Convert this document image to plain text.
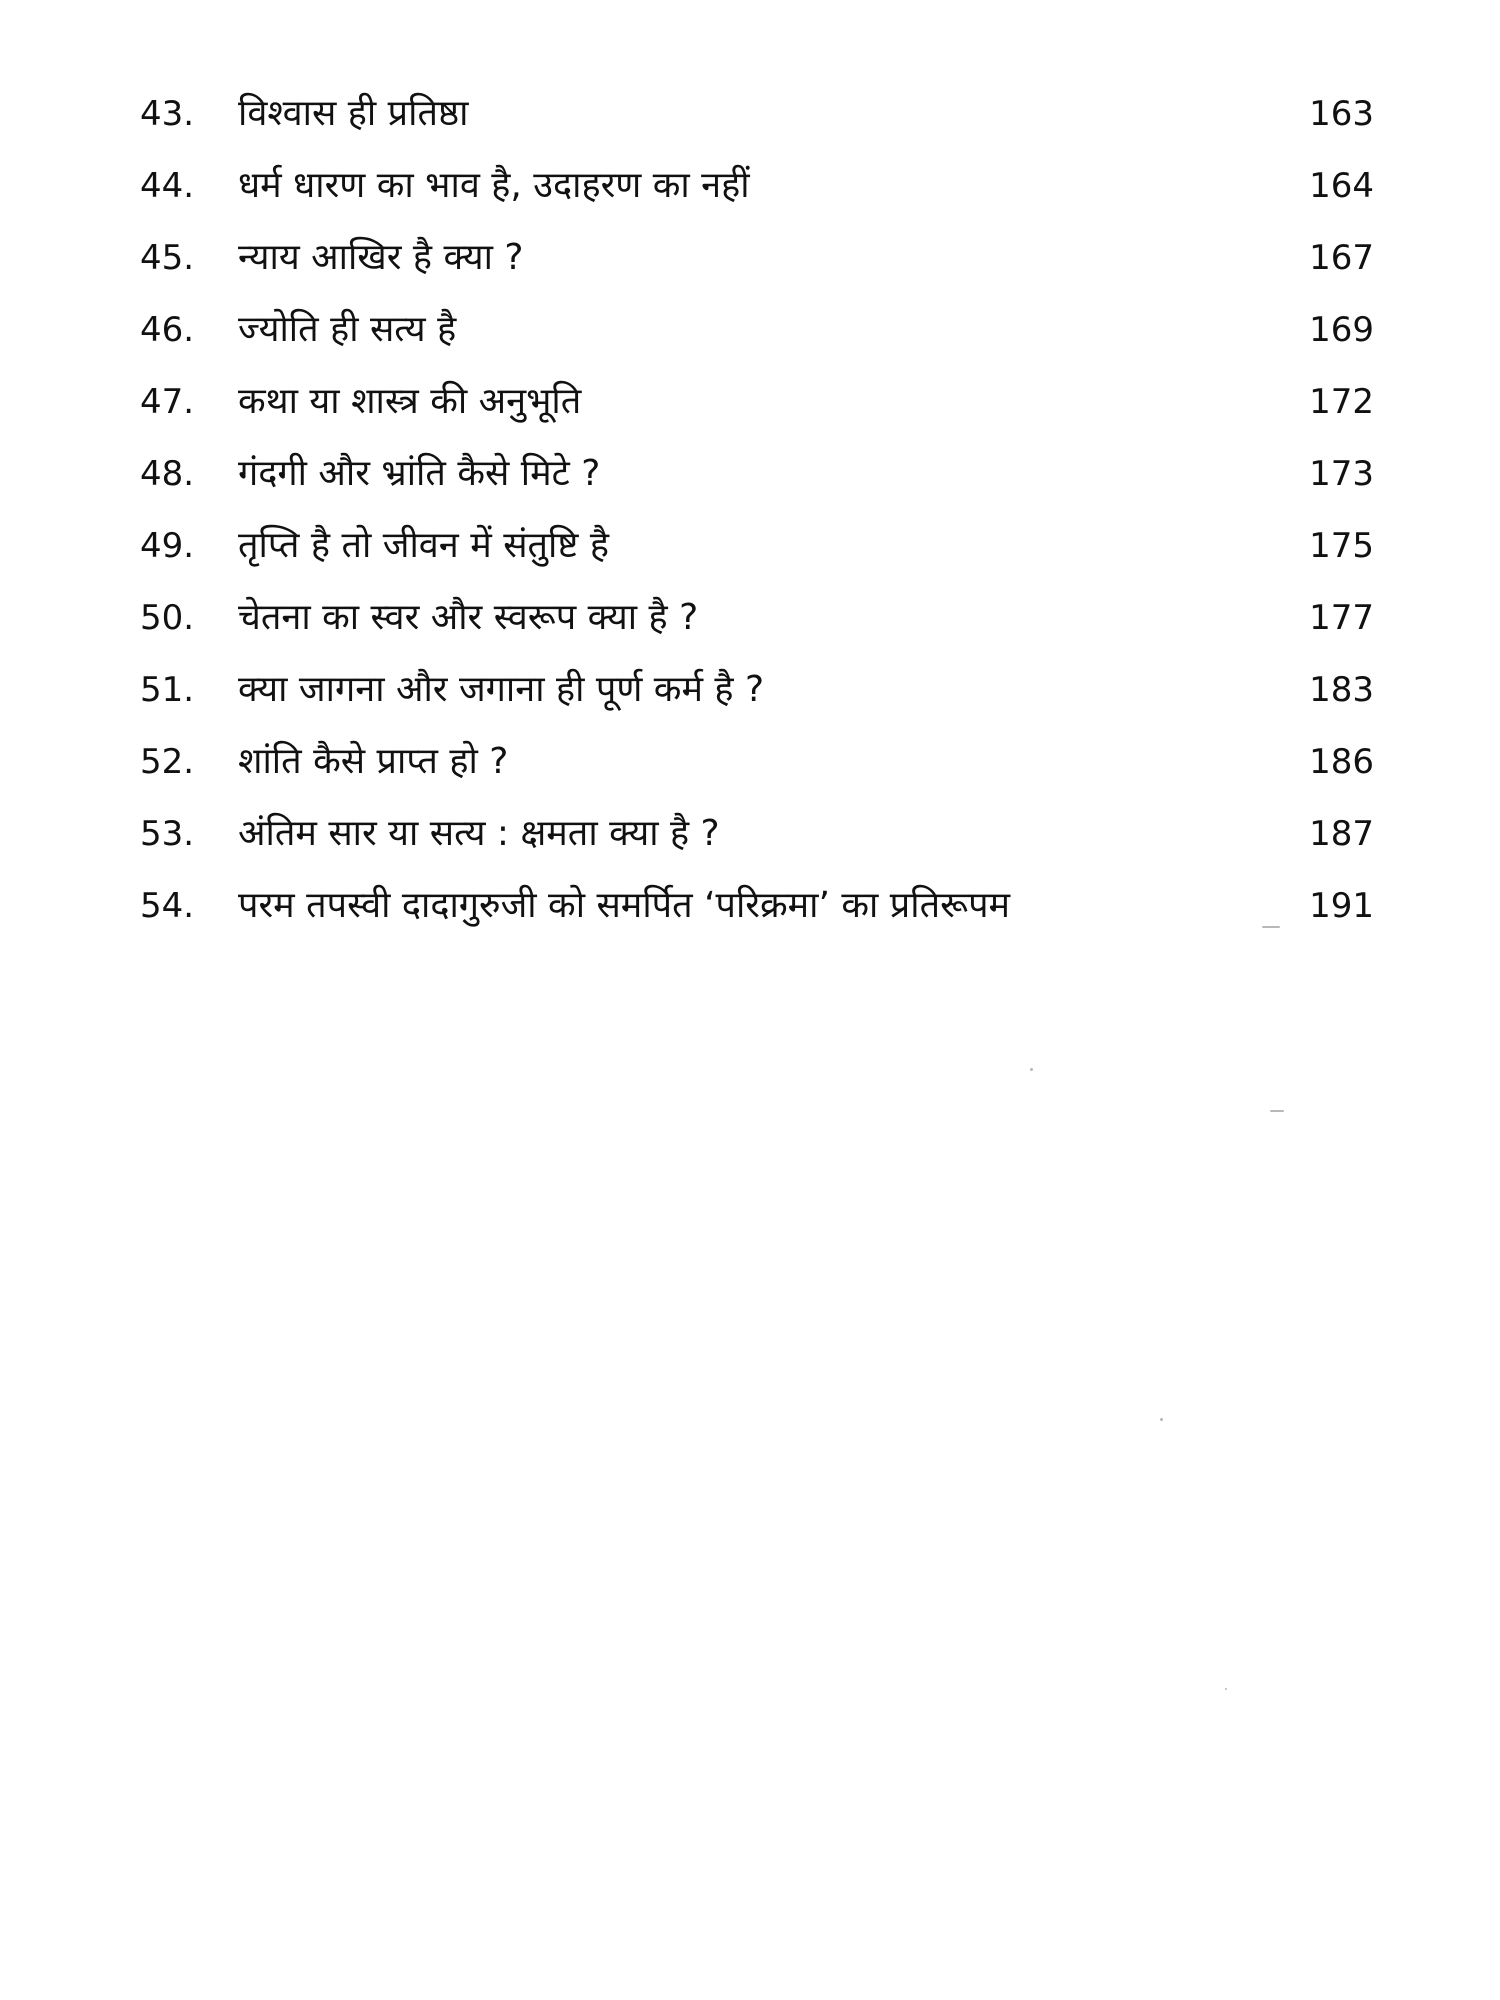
43. विश्वास ही प्रतिष्ठा	163
44. धर्म धारण का भाव है, उदाहरण का नहीं	164
45. न्याय आखिर है क्या ?	167
46. ज्योति ही सत्य है	169
47. कथा या शास्त्र की अनुभूति	172
48. गंदगी और भ्रांति कैसे मिटे ?	173
49. तृप्ति है तो जीवन में संतुष्टि है	175
50. चेतना का स्वर और स्वरूप क्या है ?	177
51. क्या जागना और जगाना ही पूर्ण कर्म है ?	183
52. शांति कैसे प्राप्त हो ?	186
53. अंतिम सार या सत्य : क्षमता क्या है ?	187
54. परम तपस्वी दादागुरुजी को समर्पित ‘परिक्रमा’ का प्रतिरूपम	191
